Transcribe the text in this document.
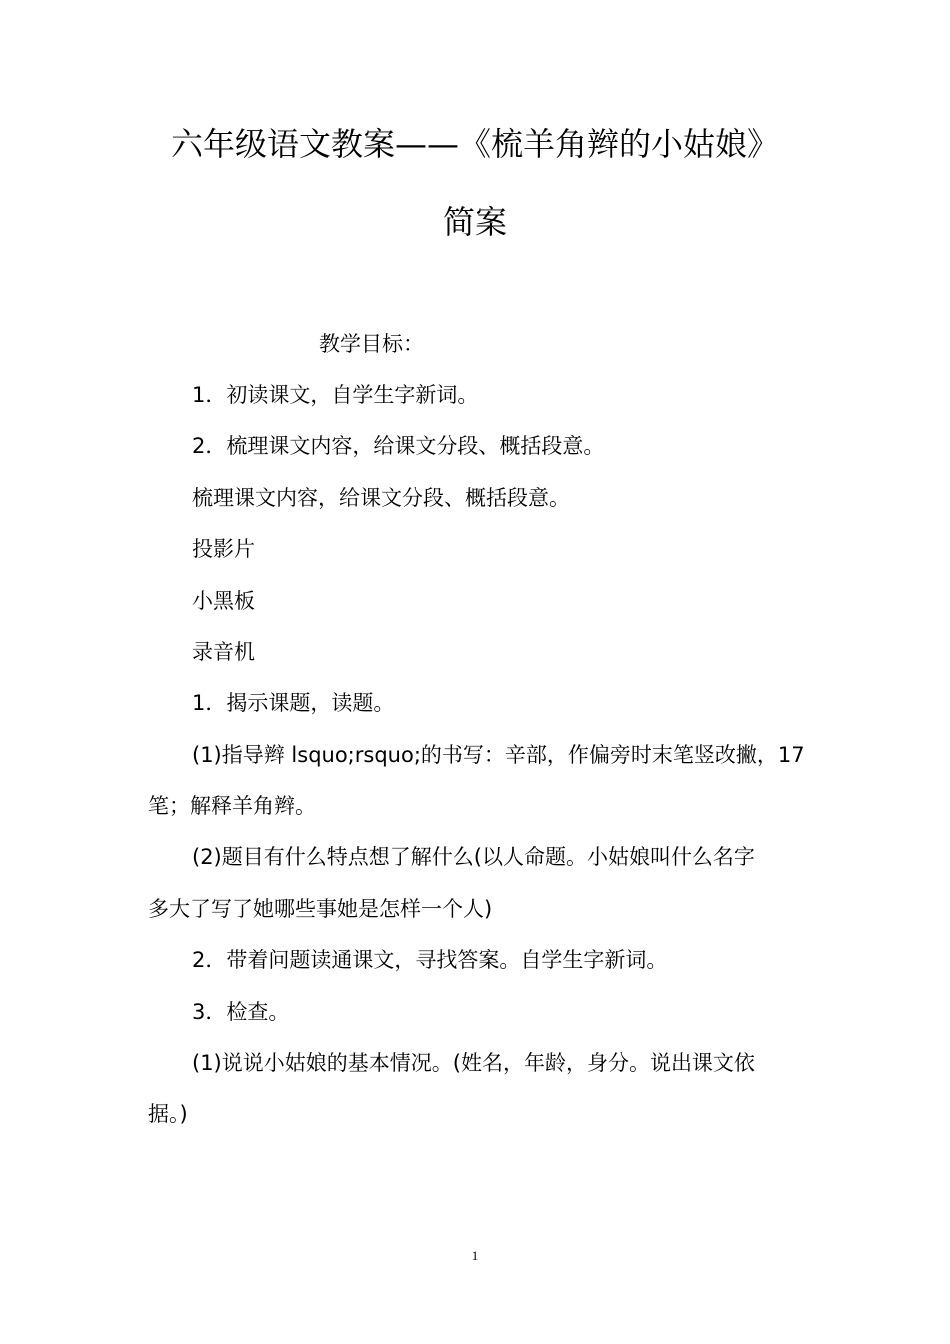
六年级语文教案——《梳羊角辫的小姑娘》
简案
教学目标：
1．初读课文，自学生字新词。
2．梳理课文内容，给课文分段、概括段意。
梳理课文内容，给课文分段、概括段意。
投影片
小黑板
录音机
1．揭示课题，读题。
(1)指导辫 lsquo;rsquo;的书写：辛部，作偏旁时末笔竖改撇，17
笔；解释羊角辫。
(2)题目有什么特点想了解什么(以人命题。小姑娘叫什么名字
多大了写了她哪些事她是怎样一个人)
2．带着问题读通课文，寻找答案。自学生字新词。
3．检查。
(1)说说小姑娘的基本情况。(姓名，年龄，身分。说出课文依
据。)
1
